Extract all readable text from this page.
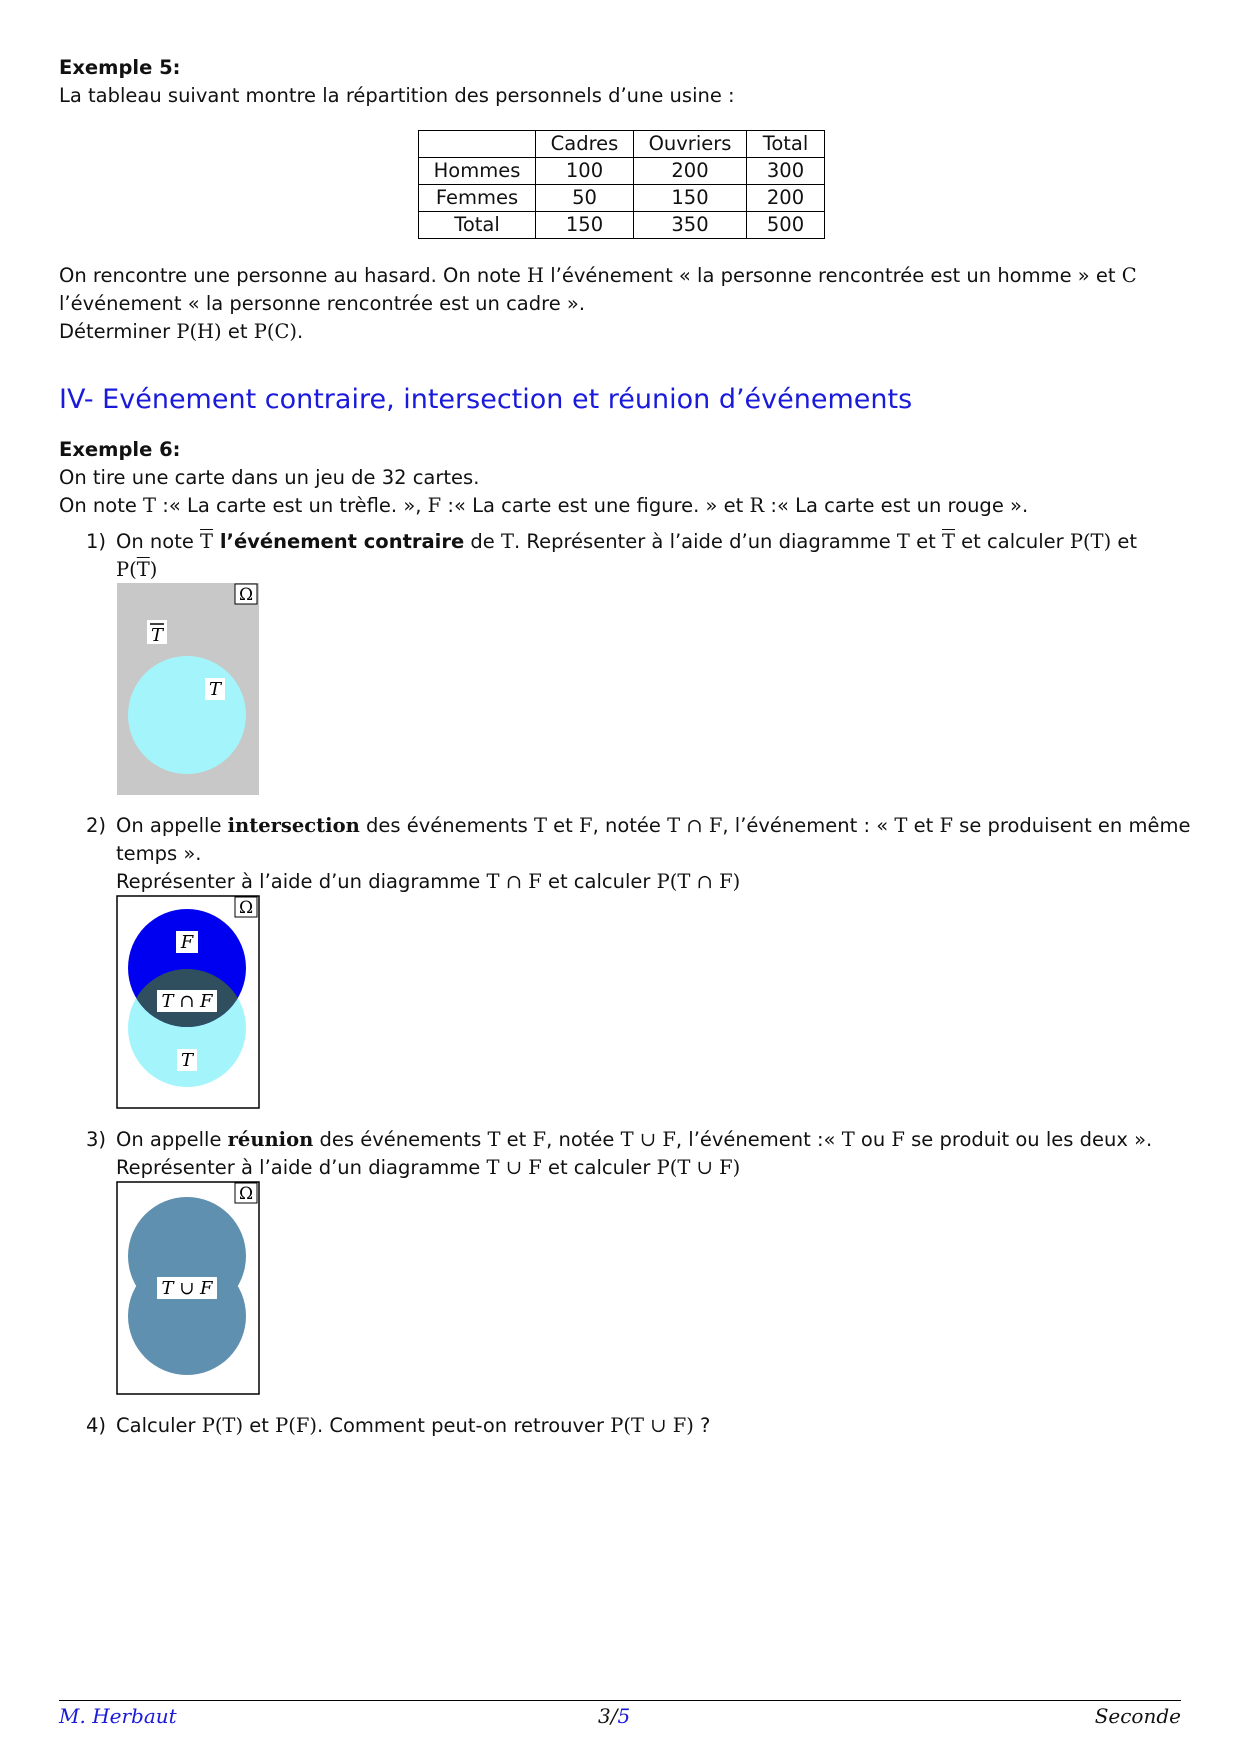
Exemple 5:
La tableau suivant montre la répartition des personnels d’une usine :
	Cadres	Ouvriers	Total
Hommes	100	200	300
Femmes	50	150	200
Total	150	350	500
On rencontre une personne au hasard. On note H l’événement « la personne rencontrée est un homme » et C
l’événement « la personne rencontrée est un cadre ».
Déterminer P(H) et P(C).
IV- Evénement contraire, intersection et réunion d’événements
Exemple 6:
On tire une carte dans un jeu de 32 cartes.
On note T :« La carte est un trèfle. », F :« La carte est une figure. » et R :« La carte est un rouge ».
1) On note $\overline{T}$ l’événement contraire de T. Représenter à l’aide d’un diagramme T et $\overline{T}$ et calculer P(T) et
$P(\overline{T})$
Ω
T
T
2) On appelle intersection des événements T et F, notée T ∩ F, l’événement : « T et F se produisent en même
temps ».
Représenter à l’aide d’un diagramme T ∩ F et calculer P(T ∩ F)
Ω
F
T ∩ F
T
3) On appelle réunion des événements T et F, notée T ∪ F, l’événement :« T ou F se produit ou les deux ».
Représenter à l’aide d’un diagramme T ∪ F et calculer P(T ∪ F)
Ω
T ∪ F
4) Calculer P(T) et P(F). Comment peut-on retrouver P(T ∪ F) ?
M. Herbaut	3/5	Seconde
